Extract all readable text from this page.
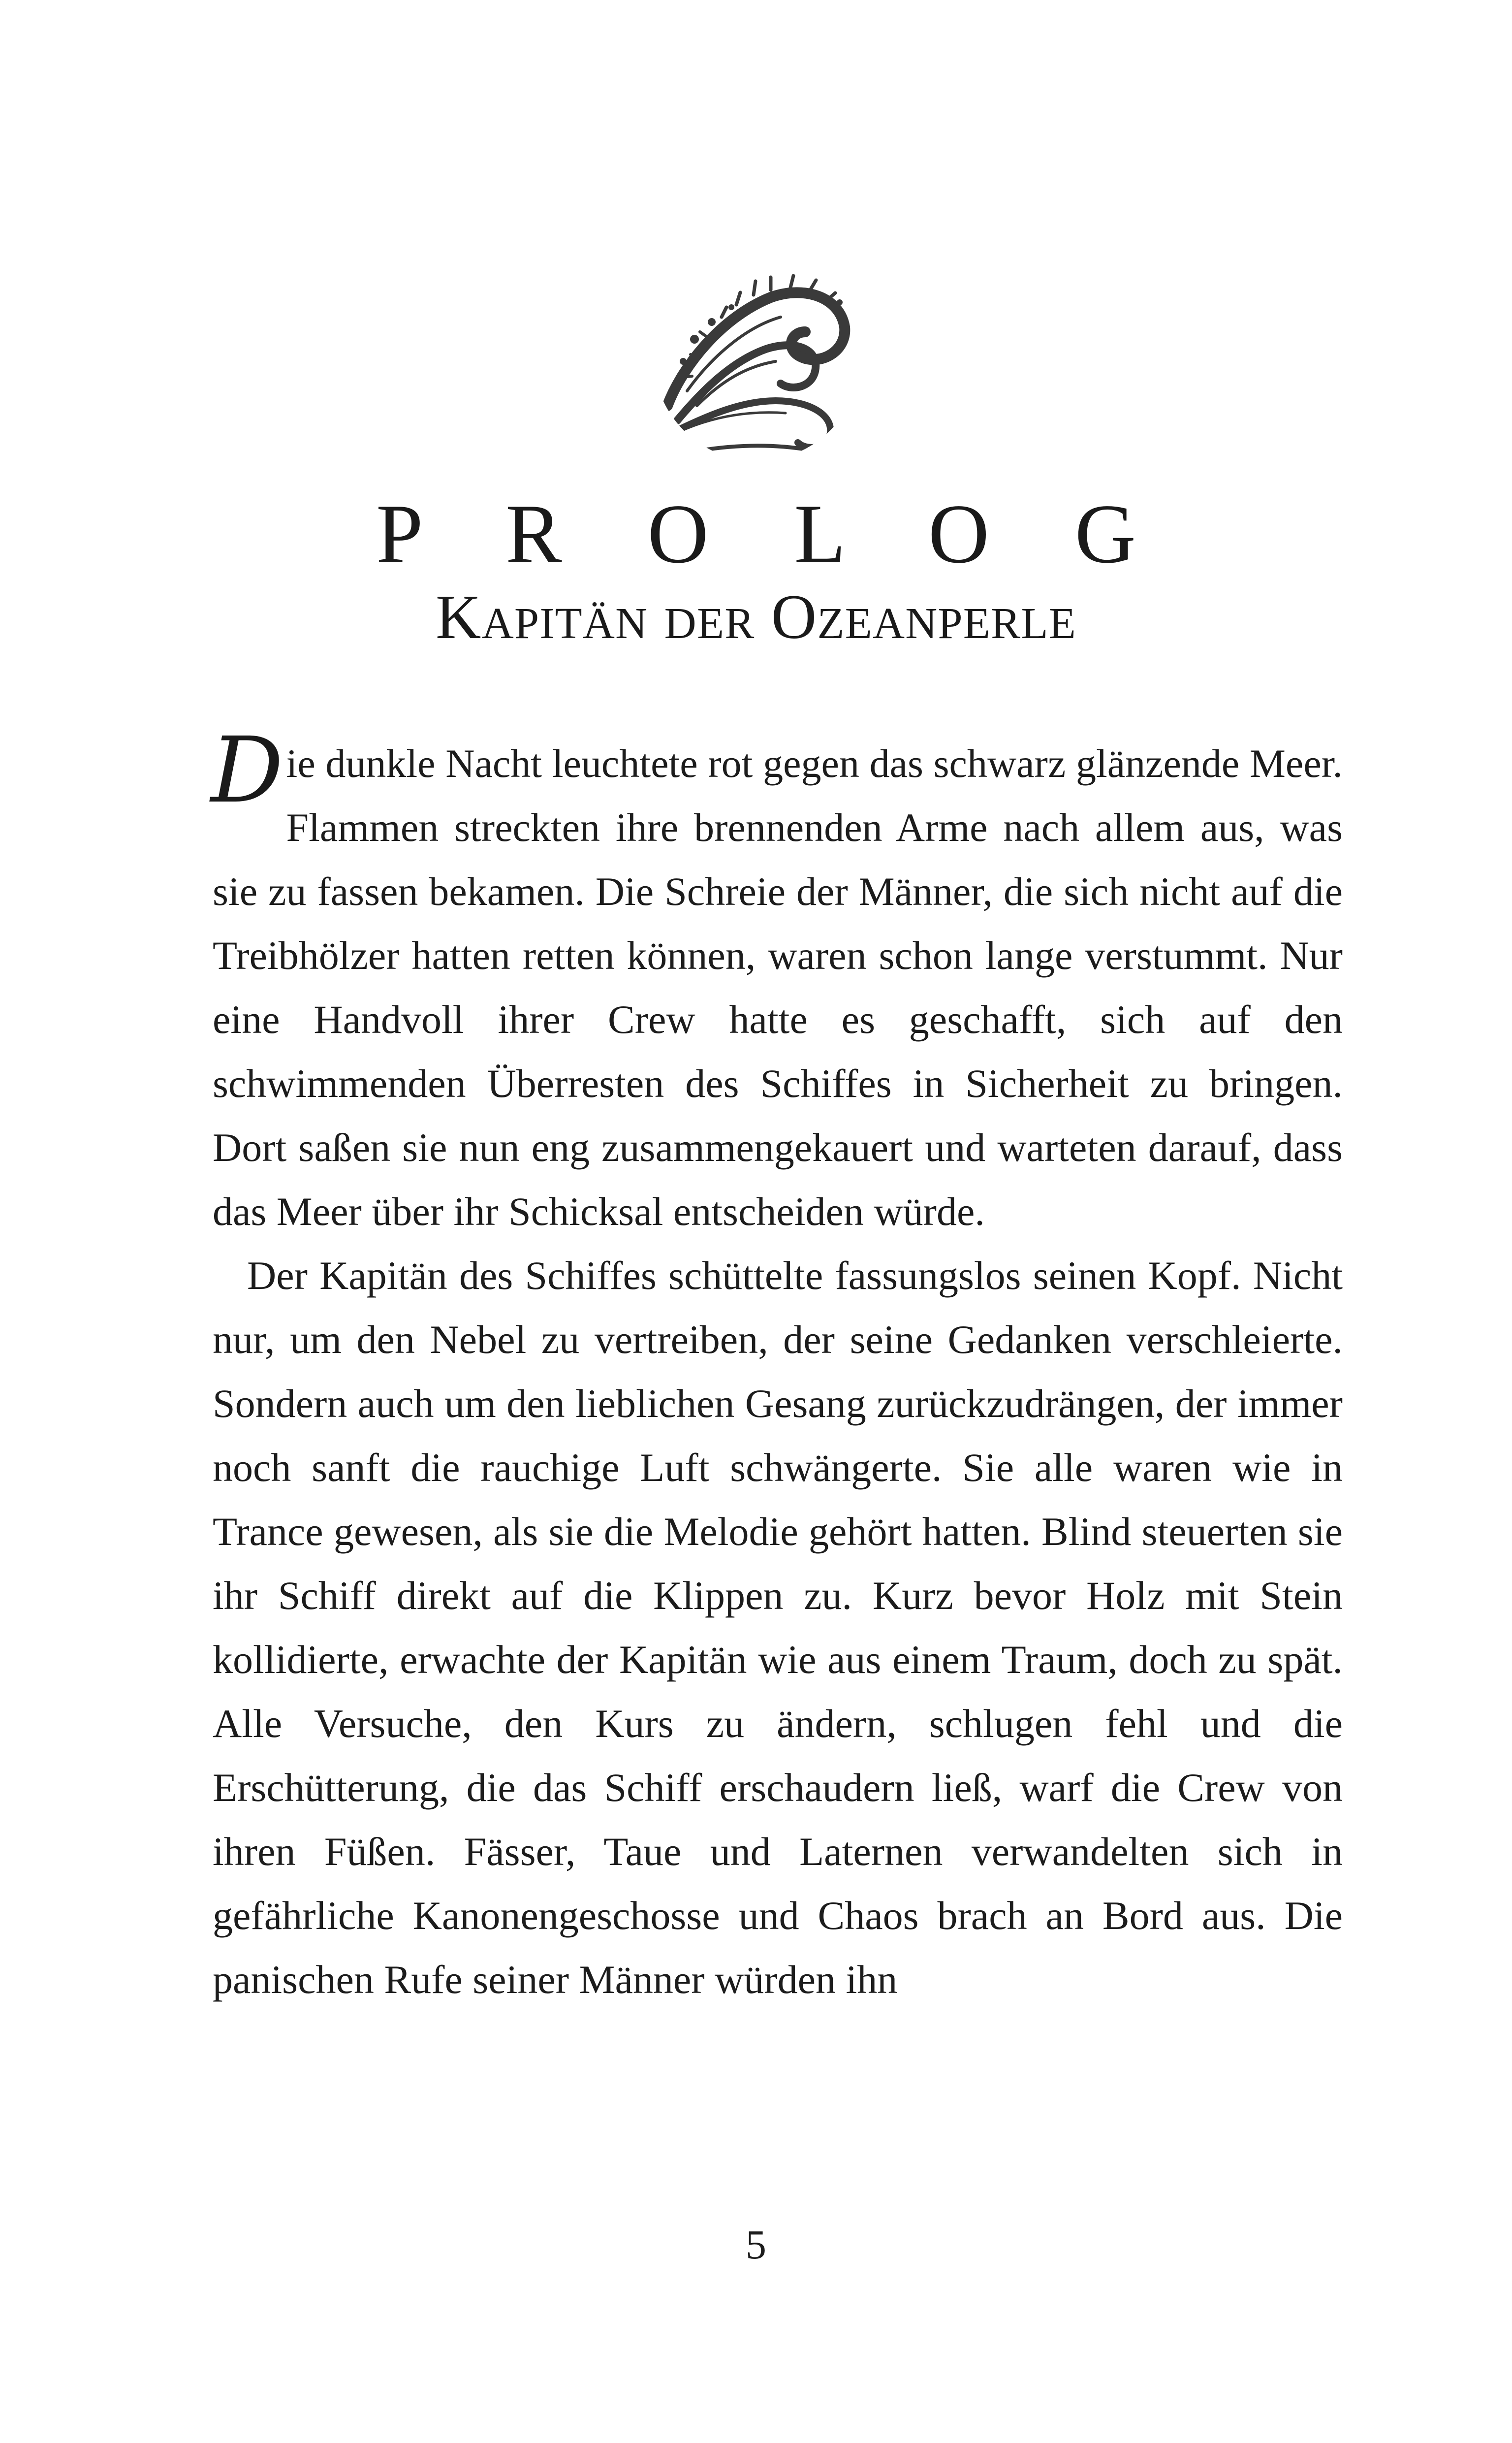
P R O L O G
Kapitän der Ozeanperle

Die dunkle Nacht leuchtete rot gegen das schwarz glänzende Meer. Flammen streckten ihre brennenden Arme nach allem aus, was sie zu fassen bekamen. Die Schreie der Männer, die sich nicht auf die Treibhölzer hatten retten können, waren schon lange verstummt. Nur eine Handvoll ihrer Crew hatte es geschafft, sich auf den schwimmenden Überresten des Schiffes in Sicherheit zu bringen. Dort saßen sie nun eng zusammengekauert und warteten darauf, dass das Meer über ihr Schicksal entscheiden würde.

Der Kapitän des Schiffes schüttelte fassungslos seinen Kopf. Nicht nur, um den Nebel zu vertreiben, der seine Gedanken verschleierte. Sondern auch um den lieblichen Gesang zurückzudrängen, der immer noch sanft die rauchige Luft schwängerte. Sie alle waren wie in Trance gewesen, als sie die Melodie gehört hatten. Blind steuerten sie ihr Schiff direkt auf die Klippen zu. Kurz bevor Holz mit Stein kollidierte, erwachte der Kapitän wie aus einem Traum, doch zu spät. Alle Versuche, den Kurs zu ändern, schlugen fehl und die Erschütterung, die das Schiff erschaudern ließ, warf die Crew von ihren Füßen. Fässer, Taue und Laternen verwandelten sich in gefährliche Kanonengeschosse und Chaos brach an Bord aus. Die panischen Rufe seiner Männer würden ihn

5
